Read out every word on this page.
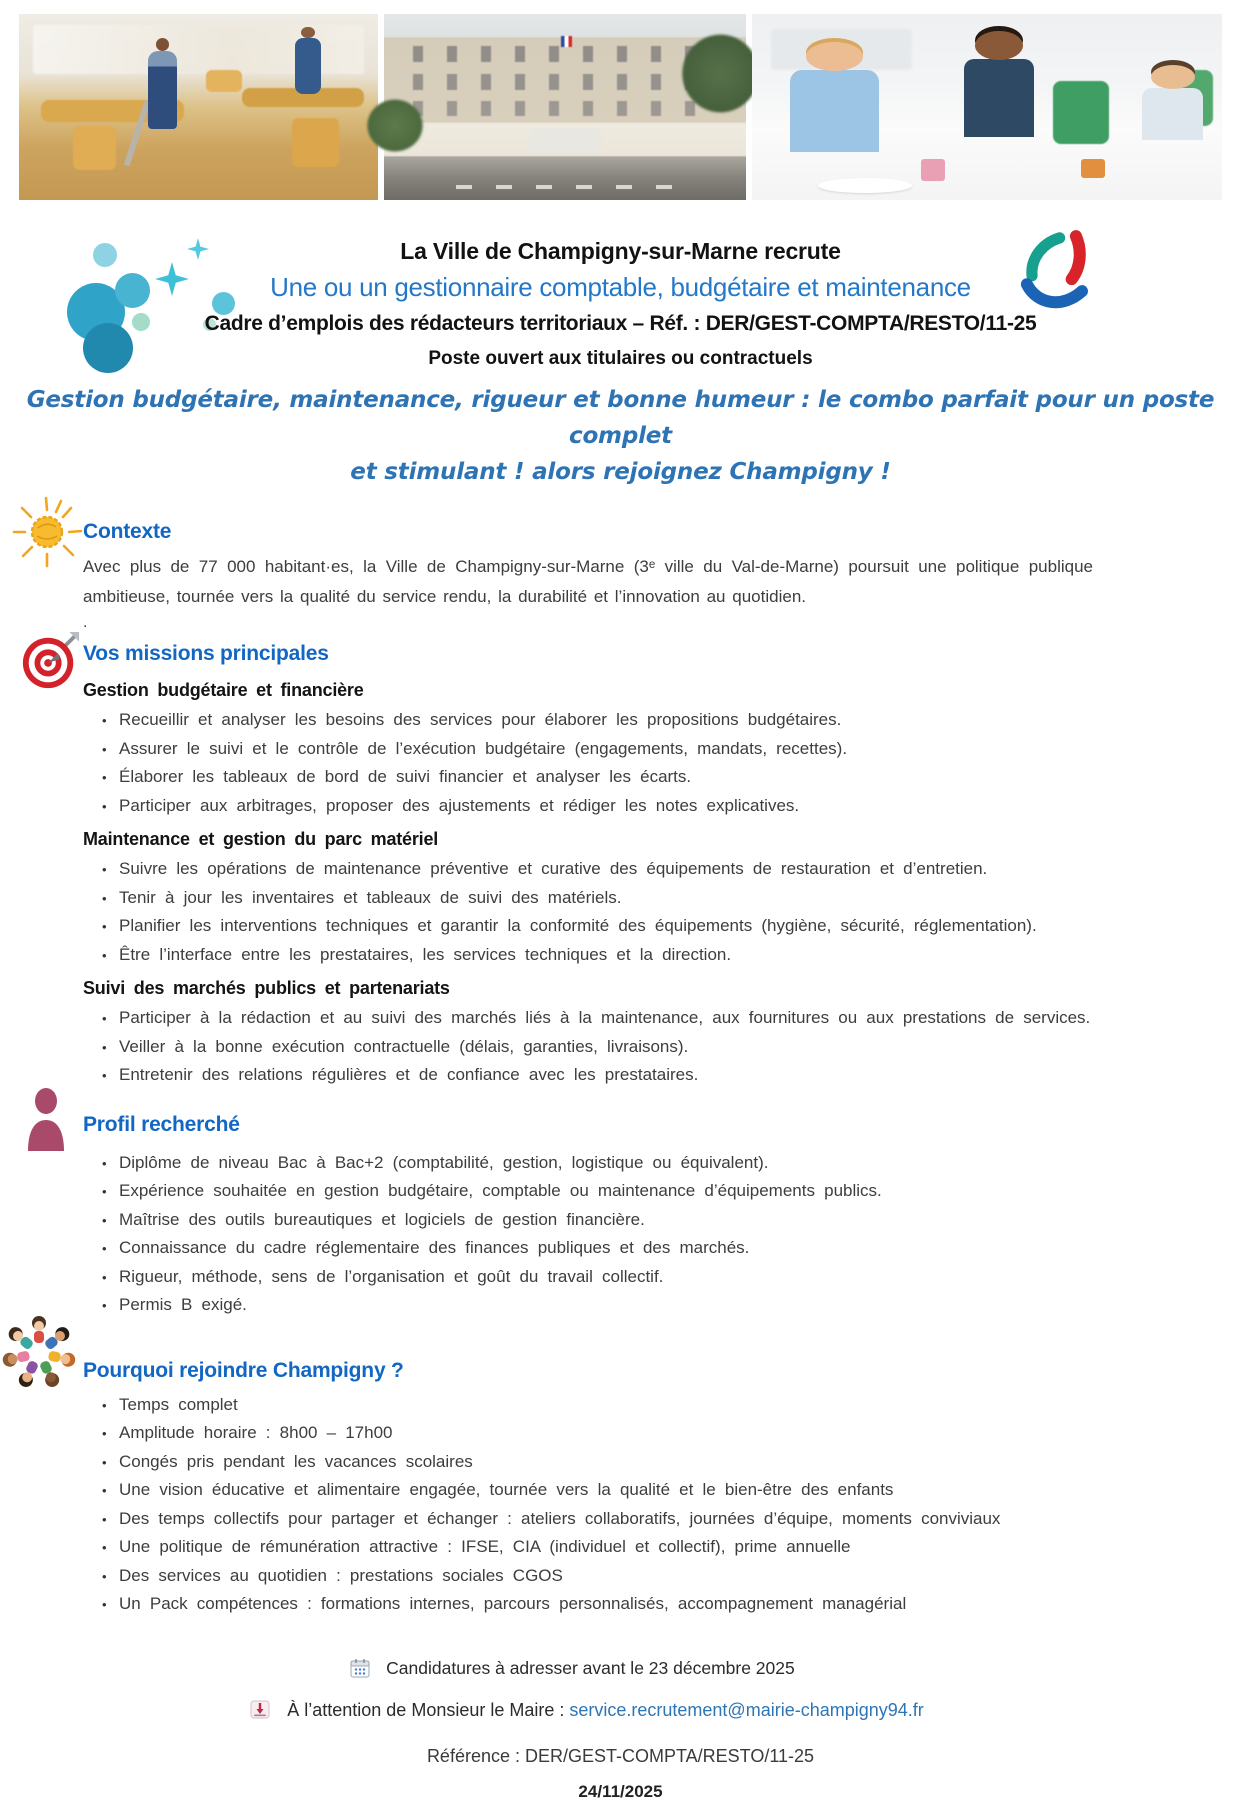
La Ville de Champigny-sur-Marne recrute
Une ou un gestionnaire comptable, budgétaire et maintenance
Cadre d’emplois des rédacteurs territoriaux – Réf. : DER/GEST-COMPTA/RESTO/11-25
Poste ouvert aux titulaires ou contractuels
Gestion budgétaire, maintenance, rigueur et bonne humeur : le combo parfait pour un poste complet
et stimulant ! alors rejoignez Champigny !
Contexte

Avec plus de 77 000 habitant·es, la Ville de Champigny-sur-Marne (3ᵉ ville du Val-de-Marne) poursuit une politique publique ambitieuse, tournée vers la qualité du service rendu, la durabilité et l’innovation au quotidien.

.
Vos missions principales
Gestion budgétaire et financière
• Recueillir et analyser les besoins des services pour élaborer les propositions budgétaires.
• Assurer le suivi et le contrôle de l’exécution budgétaire (engagements, mandats, recettes).
• Élaborer les tableaux de bord de suivi financier et analyser les écarts.
• Participer aux arbitrages, proposer des ajustements et rédiger les notes explicatives.
Maintenance et gestion du parc matériel
• Suivre les opérations de maintenance préventive et curative des équipements de restauration et d’entretien.
• Tenir à jour les inventaires et tableaux de suivi des matériels.
• Planifier les interventions techniques et garantir la conformité des équipements (hygiène, sécurité, réglementation).
• Être l’interface entre les prestataires, les services techniques et la direction.
Suivi des marchés publics et partenariats
• Participer à la rédaction et au suivi des marchés liés à la maintenance, aux fournitures ou aux prestations de services.
• Veiller à la bonne exécution contractuelle (délais, garanties, livraisons).
• Entretenir des relations régulières et de confiance avec les prestataires.
Profil recherché
• Diplôme de niveau Bac à Bac+2 (comptabilité, gestion, logistique ou équivalent).
• Expérience souhaitée en gestion budgétaire, comptable ou maintenance d’équipements publics.
• Maîtrise des outils bureautiques et logiciels de gestion financière.
• Connaissance du cadre réglementaire des finances publiques et des marchés.
• Rigueur, méthode, sens de l’organisation et goût du travail collectif.
• Permis B exigé.
Pourquoi rejoindre Champigny ?
• Temps complet
• Amplitude horaire : 8h00 – 17h00
• Congés pris pendant les vacances scolaires
• Une vision éducative et alimentaire engagée, tournée vers la qualité et le bien-être des enfants
• Des temps collectifs pour partager et échanger : ateliers collaboratifs, journées d’équipe, moments conviviaux
• Une politique de rémunération attractive : IFSE, CIA (individuel et collectif), prime annuelle
• Des services au quotidien : prestations sociales CGOS
• Un Pack compétences : formations internes, parcours personnalisés, accompagnement managérial
Candidatures à adresser avant le 23 décembre 2025
À l’attention de Monsieur le Maire : service.recrutement@mairie-champigny94.fr
Référence : DER/GEST-COMPTA/RESTO/11-25
24/11/2025
